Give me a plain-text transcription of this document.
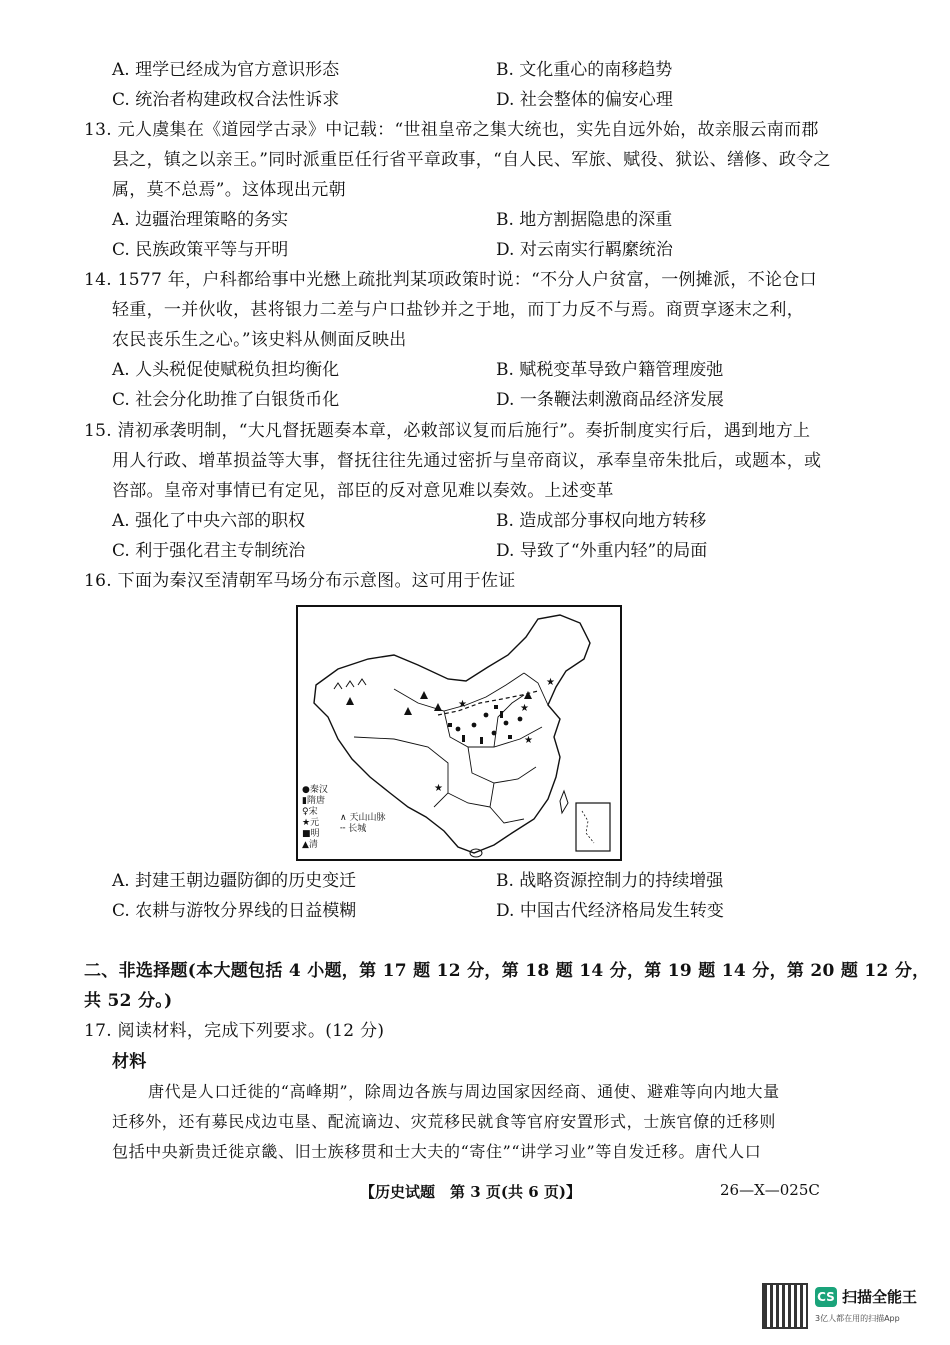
A. 理学已经成为官方意识形态	B. 文化重心的南移趋势
C. 统治者构建政权合法性诉求	D. 社会整体的偏安心理
13. 元人虞集在《道园学古录》中记载：“世祖皇帝之集大统也，实先自远外始，故亲服云南而郡
县之，镇之以亲王。”同时派重臣任行省平章政事，“自人民、军旅、赋役、狱讼、缮修、政令之
属，莫不总焉”。这体现出元朝
A. 边疆治理策略的务实	B. 地方割据隐患的深重
C. 民族政策平等与开明	D. 对云南实行羁縻统治
14. 1577 年，户科都给事中光懋上疏批判某项政策时说：“不分人户贫富，一例摊派，不论仓口
轻重，一并伙收，甚将银力二差与户口盐钞并之于地，而丁力反不与焉。商贾享逐末之利，
农民丧乐生之心。”该史料从侧面反映出
A. 人头税促使赋税负担均衡化	B. 赋税变革导致户籍管理废弛
C. 社会分化助推了白银货币化	D. 一条鞭法刺激商品经济发展
15. 清初承袭明制，“大凡督抚题奏本章，必敕部议复而后施行”。奏折制度实行后，遇到地方上
用人行政、增革损益等大事，督抚往往先通过密折与皇帝商议，承奉皇帝朱批后，或题本，或
咨部。皇帝对事情已有定见，部臣的反对意见难以奏效。上述变革
A. 强化了中央六部的职权	B. 造成部分事权向地方转移
C. 利于强化君主专制统治	D. 导致了“外重内轻”的局面
16. 下面为秦汉至清朝军马场分布示意图。这可用于佐证
★
★
★
★
★
●秦汉
▮隋唐
♀宋
★元
■明
▲清
∧ 天山山脉
╌ 长城
A. 封建王朝边疆防御的历史变迁	B. 战略资源控制力的持续增强
C. 农耕与游牧分界线的日益模糊	D. 中国古代经济格局发生转变
二、非选择题(本大题包括 4 小题，第 17 题 12 分，第 18 题 14 分，第 19 题 14 分，第 20 题 12 分，
共 52 分。)
17. 阅读材料，完成下列要求。(12 分)
材料
唐代是人口迁徙的“高峰期”，除周边各族与周边国家因经商、通使、避难等向内地大量
迁移外，还有募民戍边屯垦、配流谪边、灾荒移民就食等官府安置形式，士族官僚的迁移则
包括中央新贵迁徙京畿、旧士族移贯和士大夫的“寄住”“讲学习业”等自发迁移。唐代人口
【历史试题　第 3 页(共 6 页)】	26—X—025C
CS 扫描全能王
3亿人都在用的扫描App
